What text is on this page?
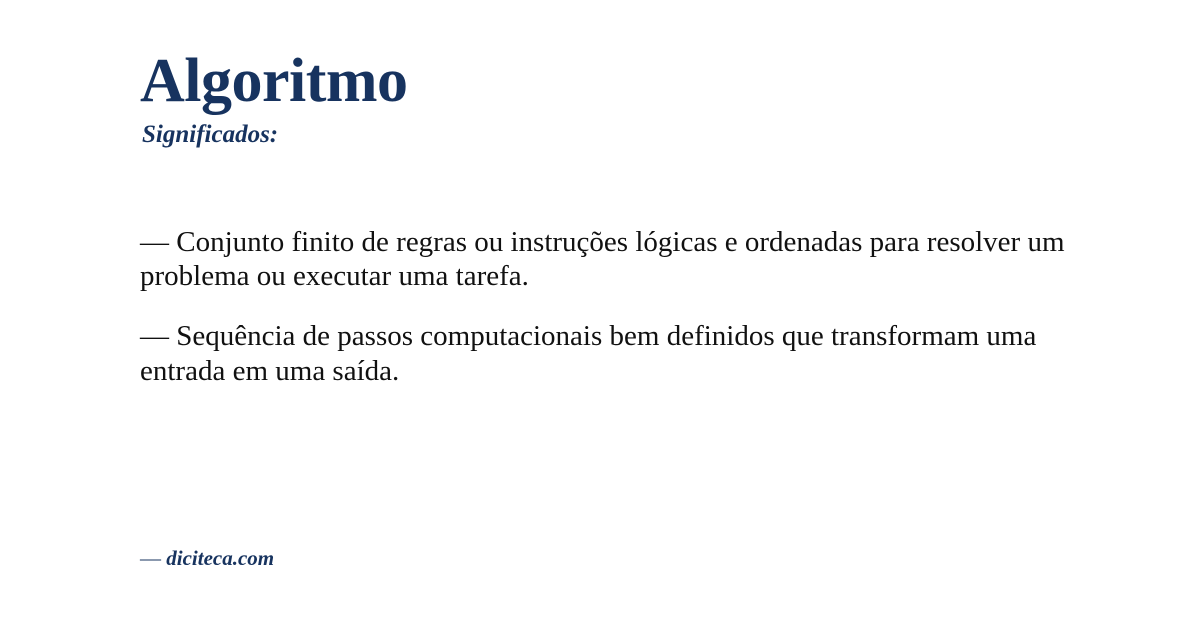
Algoritmo
Significados:

— Conjunto finito de regras ou instruções lógicas e ordenadas para resolver um problema ou executar uma tarefa.

— Sequência de passos computacionais bem definidos que transformam uma entrada em uma saída.

— diciteca.com
